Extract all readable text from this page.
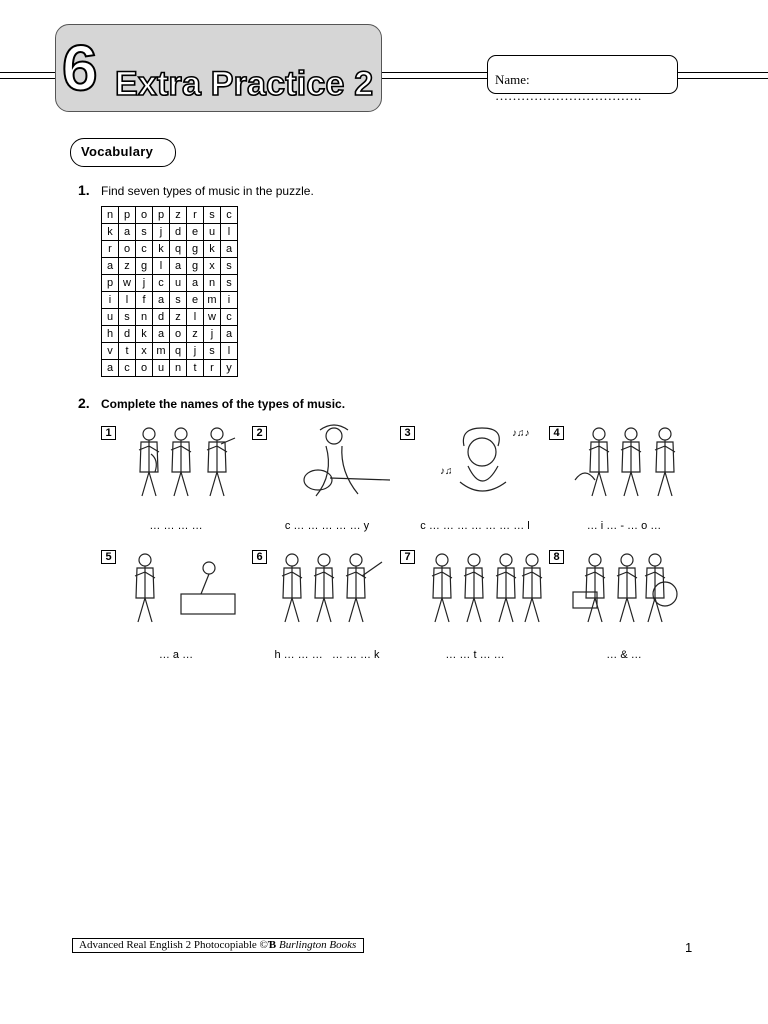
6 Extra Practice 2	Name: …………………………….
Vocabulary
1. Find seven types of music in the puzzle.
n	p	o	p	z	r	s	c
k	a	s	j	d	e	u	l
r	o	c	k	q	g	k	a
a	z	g	l	a	g	x	s
p	w	j	c	u	a	n	s
i	l	f	a	s	e	m	i
u	s	n	d	z	l	w	c
h	d	k	a	o	z	j	a
v	t	x	m	q	j	s	l
a	c	o	u	n	t	r	y
2. Complete the names of the types of music.
1
… … … …
2
c … … … … … y
3
♪♫
♪♫♪
c … … … … … … … l
4
… i … - … o …
5
… a …
6
h … … …   … … … k
7
… … t … …
8
… & …
Advanced Real English 2 Photocopiable ©Ɓ Burlington Books	1
